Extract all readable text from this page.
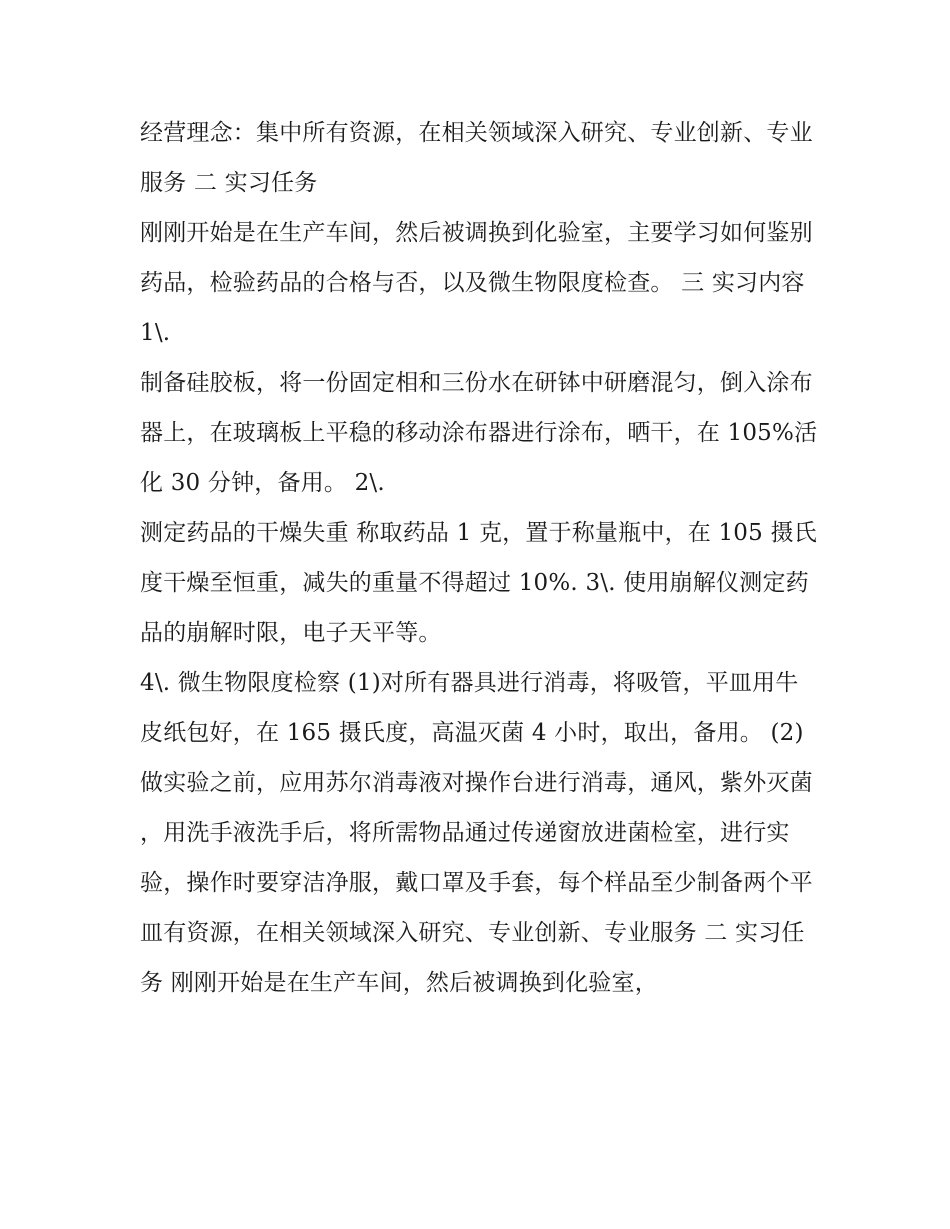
经营理念：集中所有资源，在相关领域深入研究、专业创新、专业服务 二 实习任务

刚刚开始是在生产车间，然后被调换到化验室，主要学习如何鉴别药品，检验药品的合格与否，以及微生物限度检查。 三 实习内容 1\.

制备硅胶板，将一份固定相和三份水在研钵中研磨混匀，倒入涂布器上，在玻璃板上平稳的移动涂布器进行涂布，晒干，在 105%活化 30 分钟，备用。 2\.

测定药品的干燥失重 称取药品 1 克，置于称量瓶中，在 105 摄氏度干燥至恒重，减失的重量不得超过 10%. 3\. 使用崩解仪测定药品的崩解时限，电子天平等。

4\. 微生物限度检察 (1)对所有器具进行消毒，将吸管，平皿用牛皮纸包好，在 165 摄氏度，高温灭菌 4 小时，取出，备用。 (2)

做实验之前，应用苏尔消毒液对操作台进行消毒，通风，紫外灭菌

，用洗手液洗手后，将所需物品通过传递窗放进菌检室，进行实验，操作时要穿洁净服，戴口罩及手套，每个样品至少制备两个平皿有资源，在相关领域深入研究、专业创新、专业服务 二 实习任务 刚刚开始是在生产车间，然后被调换到化验室，
